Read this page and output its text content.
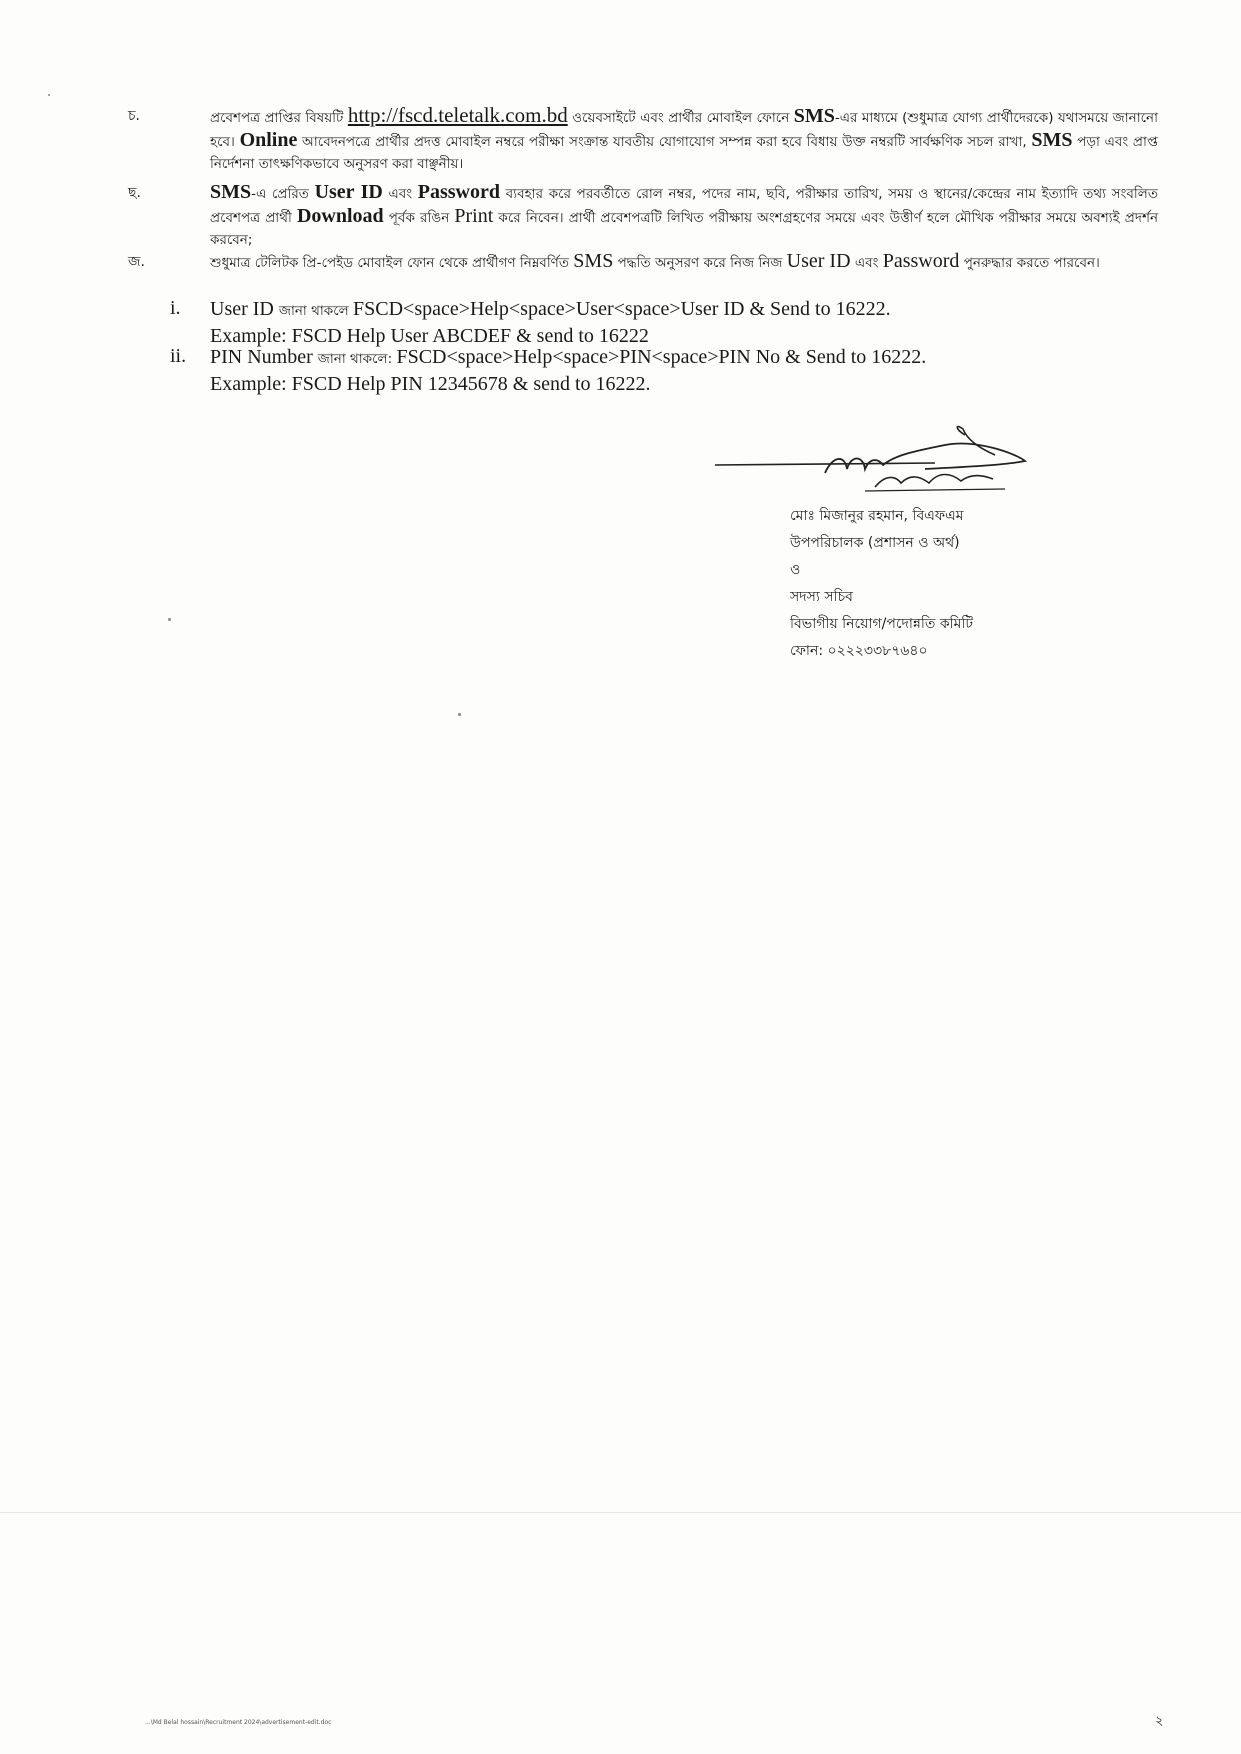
চ.	প্রবেশপত্র প্রাপ্তির বিষয়টি http://fscd.teletalk.com.bd ওয়েবসাইটে এবং প্রার্থীর মোবাইল ফোনে SMS-এর মাধ্যমে (শুধুমাত্র যোগ্য প্রার্থীদেরকে) যথাসময়ে জানানো হবে। Online আবেদনপত্রে প্রার্থীর প্রদত্ত মোবাইল নম্বরে পরীক্ষা সংক্রান্ত যাবতীয় যোগাযোগ সম্পন্ন করা হবে বিধায় উক্ত নম্বরটি সার্বক্ষণিক সচল রাখা, SMS পড়া এবং প্রাপ্ত নির্দেশনা তাৎক্ষণিকভাবে অনুসরণ করা বাঞ্ছনীয়।
ছ.	SMS-এ প্রেরিত User ID এবং Password ব্যবহার করে পরবর্তীতে রোল নম্বর, পদের নাম, ছবি, পরীক্ষার তারিখ, সময় ও স্থানের/কেন্দ্রের নাম ইত্যাদি তথ্য সংবলিত প্রবেশপত্র প্রার্থী Download পূর্বক রঙিন Print করে নিবেন। প্রার্থী প্রবেশপত্রটি লিখিত পরীক্ষায় অংশগ্রহণের সময়ে এবং উত্তীর্ণ হলে মৌখিক পরীক্ষার সময়ে অবশ্যই প্রদর্শন করবেন;
জ.	শুধুমাত্র টেলিটক প্রি-পেইড মোবাইল ফোন থেকে প্রার্থীগণ নিম্নবর্ণিত SMS পদ্ধতি অনুসরণ করে নিজ নিজ User ID এবং Password পুনরুদ্ধার করতে পারবেন।
i. User ID জানা থাকলে FSCD<space>Help<space>User<space>User ID & Send to 16222.
Example: FSCD Help User ABCDEF & send to 16222
ii. PIN Number জানা থাকলে: FSCD<space>Help<space>PIN<space>PIN No & Send to 16222.
Example: FSCD Help PIN 12345678 & send to 16222.
মোঃ মিজানুর রহমান, বিএফএম
উপপরিচালক (প্রশাসন ও অর্থ)
ও
সদস্য সচিব
বিভাগীয় নিয়োগ/পদোন্নতি কমিটি
ফোন: ০২২২৩৩৮৭৬৪০
...\Md Belal hossain\Recruitment 2024\advertisement-edit.doc	২
